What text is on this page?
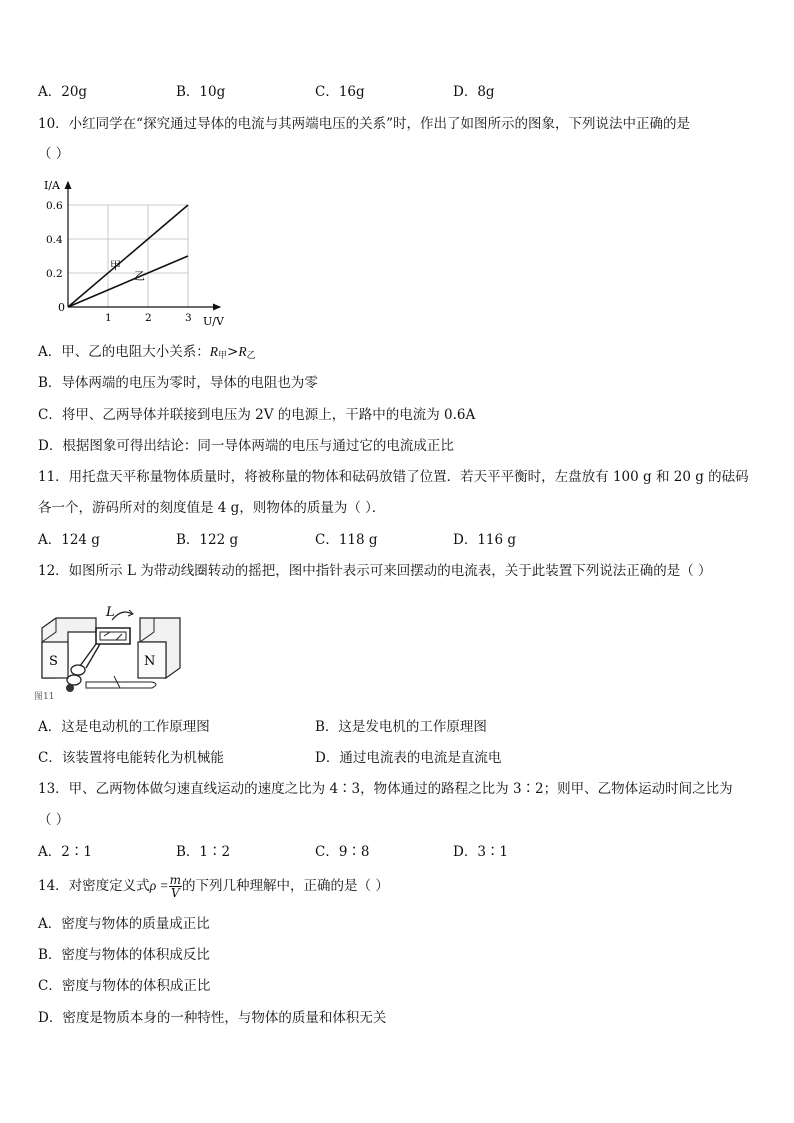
A．20g	B．10g	C．16g	D．8g
10．小红同学在“探究通过导体的电流与其两端电压的关系”时，作出了如图所示的图象，下列说法中正确的是
（ ）
I/A
U/V
0
1	2	3
0.2
0.4
0.6
甲
乙
A．甲、乙的电阻大小关系：$R_甲>R_乙$
B．导体两端的电压为零时，导体的电阻也为零
C．将甲、乙两导体并联接到电压为 2V 的电源上，干路中的电流为 0.6A
D．根据图象可得出结论：同一导体两端的电压与通过它的电流成正比
11．用托盘天平称量物体质量时，将被称量的物体和砝码放错了位置．若天平平衡时，左盘放有 100 g 和 20 g 的砝码
各一个，游码所对的刻度值是 4 g，则物体的质量为（ ）．
A．124 g	B．122 g	C．118 g	D．116 g
12．如图所示 L 为带动线圈转动的摇把，图中指针表示可来回摆动的电流表，关于此装置下列说法正确的是（ ）
S	N
L
图11
A．这是电动机的工作原理图	B．这是发电机的工作原理图
C．该装置将电能转化为机械能	D．通过电流表的电流是直流电
13．甲、乙两物体做匀速直线运动的速度之比为 4∶3，物体通过的路程之比为 3∶2；则甲、乙物体运动时间之比为
（ ）
A．2∶1	B．1∶2	C．9∶8	D．3∶1
14．对密度定义式$\rho = \frac{m}{V}$ 的下列几种理解中，正确的是（ ）
A．密度与物体的质量成正比
B．密度与物体的体积成反比
C．密度与物体的体积成正比
D．密度是物质本身的一种特性，与物体的质量和体积无关
